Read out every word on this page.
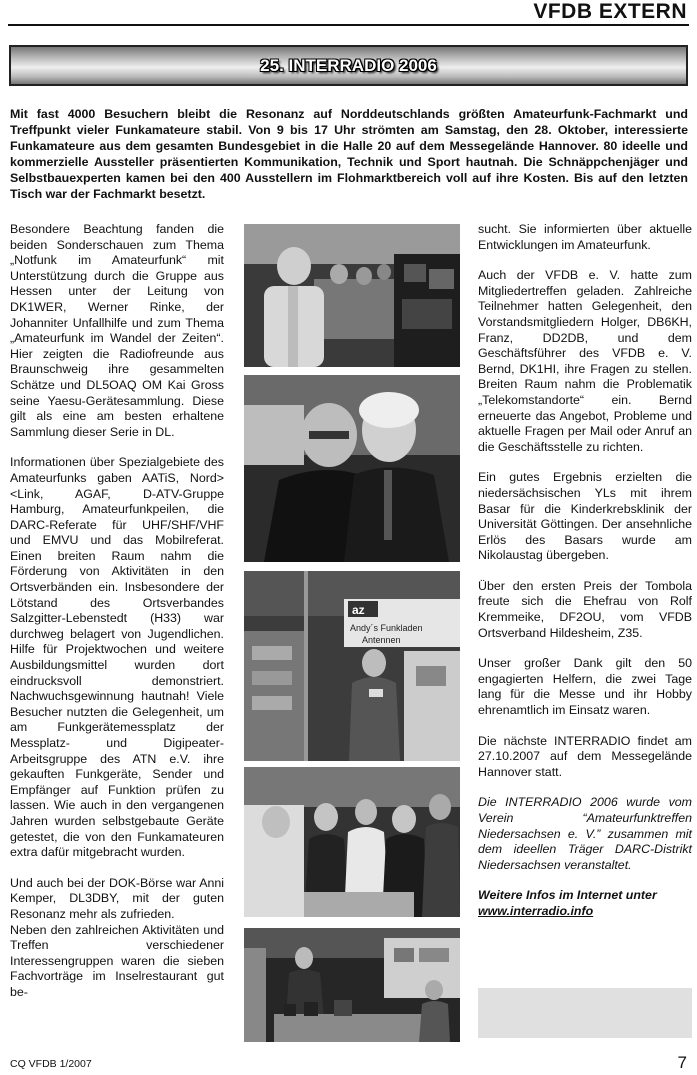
VFDB EXTERN
25. INTERRADIO 2006
Mit fast 4000 Besuchern bleibt die Resonanz auf Norddeutschlands größten Amateurfunk-Fachmarkt und Treffpunkt vieler Funkamateure stabil. Von 9 bis 17 Uhr strömten am Samstag, den 28. Oktober, interessierte Funkamateure aus dem gesamten Bundesgebiet in die Halle 20 auf dem Messegelände Hannover. 80 ideelle und kommerzielle Aussteller präsentierten Kommunikation, Technik und Sport hautnah. Die Schnäppchenjäger und Selbstbauexperten kamen bei den 400 Ausstellern im Flohmarktbereich voll auf ihre Kosten. Bis auf den letzten Tisch war der Fachmarkt besetzt.

Besondere Beachtung fanden die beiden Sonderschauen zum Thema „Notfunk im Amateurfunk“ mit Unterstützung durch die Gruppe aus Hessen unter der Leitung von DK1WER, Werner Rinke, der Johanniter Unfallhilfe und zum Thema „Amateurfunk im Wandel der Zeiten“. Hier zeigten die Radiofreunde aus Braunschweig ihre gesammelten Schätze und DL5OAQ OM Kai Gross seine Yaesu-Gerätesammlung. Diese gilt als eine am besten erhaltene Sammlung dieser Serie in DL.

Informationen über Spezialgebiete des Amateurfunks gaben AATiS, Nord><Link, AGAF, D-ATV-Gruppe Hamburg, Amateurfunkpeilen, die DARC-Referate für UHF/SHF/VHF und EMVU und das Mobilreferat. Einen breiten Raum nahm die Förderung von Aktivitäten in den Ortsverbänden ein. Insbesondere der Lötstand des Ortsverbandes Salzgitter-Lebenstedt (H33) war durchweg belagert von Jugendlichen. Hilfe für Projektwochen und weitere Ausbildungsmittel wurden dort eindrucksvoll demonstriert. Nachwuchsgewinnung hautnah! Viele Besucher nutzten die Gelegenheit, um am Funkgerätemessplatz der Messplatz- und Digipeater-Arbeitsgruppe des ATN e.V. ihre gekauften Funkgeräte, Sender und Empfänger auf Funktion prüfen zu lassen. Wie auch in den vergangenen Jahren wurden selbstgebaute Geräte getestet, die von den Funkamateuren extra dafür mitgebracht wurden.

Und auch bei der DOK-Börse war Anni Kemper, DL3DBY, mit der guten Resonanz mehr als zufrieden.

Neben den zahlreichen Aktivitäten und Treffen verschiedener Interessengruppen waren die sieben Fachvorträge im Inselrestaurant gut be-

az
Andy´s Funkladen
Antennen

sucht. Sie informierten über aktuelle Entwicklungen im Amateurfunk.

Auch der VFDB e. V. hatte zum Mitgliedertreffen geladen. Zahlreiche Teilnehmer hatten Gelegenheit, den Vorstandsmitgliedern Holger, DB6KH, Franz, DD2DB, und dem Geschäftsführer des VFDB e. V. Bernd, DK1HI, ihre Fragen zu stellen. Breiten Raum nahm die Problematik „Telekomstandorte“ ein. Bernd erneuerte das Angebot, Probleme und aktuelle Fragen per Mail oder Anruf an die Geschäftsstelle zu richten.

Ein gutes Ergebnis erzielten die niedersächsischen YLs mit ihrem Basar für die Kinderkrebsklinik der Universität Göttingen. Der ansehnliche Erlös des Basars wurde am Nikolaustag übergeben.

Über den ersten Preis der Tombola freute sich die Ehefrau von Rolf Kremmeike, DF2OU, vom VFDB Ortsverband Hildesheim, Z35.

Unser großer Dank gilt den 50 engagierten Helfern, die zwei Tage lang für die Messe und ihr Hobby ehrenamtlich im Einsatz waren.

Die nächste INTERRADIO findet am 27.10.2007 auf dem Messegelände Hannover statt.

Die INTERRADIO 2006 wurde vom Verein “Amateurfunktreffen Niedersachsen e. V.” zusammen mit dem ideellen Träger DARC-Distrikt Niedersachsen veranstaltet.

Weitere Infos im Internet unter
www.interradio.info

CQ VFDB 1/2007	7
